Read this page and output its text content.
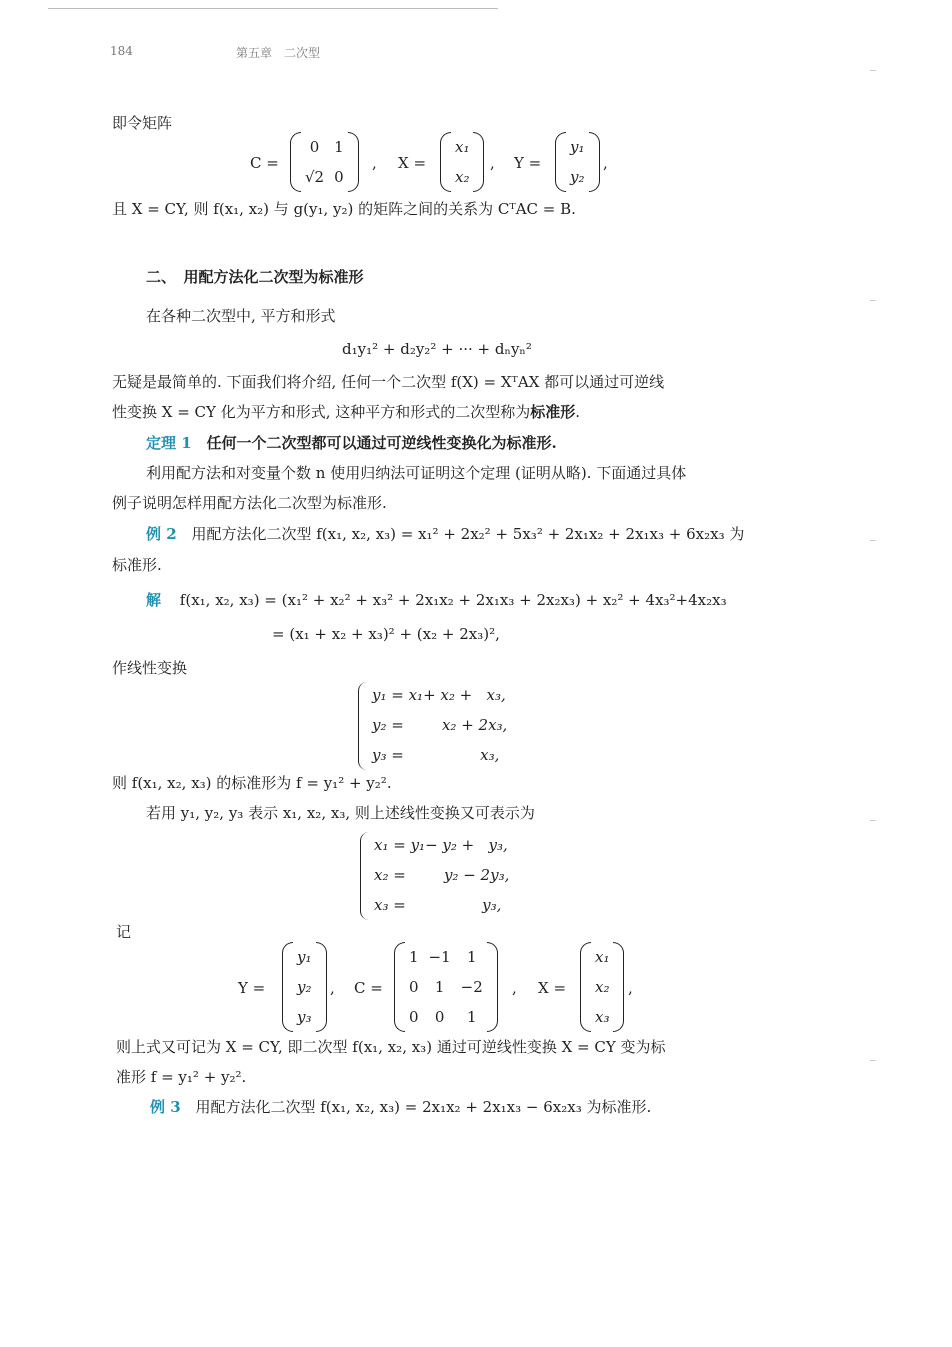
184	第五章　二次型
即令矩阵
C =
0	1
√2	0
, X =
x₁
x₂
, Y =
y₁
y₂
,
且 X = CY, 则 f(x₁, x₂) 与 g(y₁, y₂) 的矩阵之间的关系为 CᵀAC = B.
二、　用配方法化二次型为标准形
在各种二次型中, 平方和形式
d₁y₁² + d₂y₂² + ··· + dₙyₙ²
无疑是最简单的. 下面我们将介绍, 任何一个二次型 f(X) = XᵀAX 都可以通过可逆线
性变换 X = CY 化为平方和形式, 这种平方和形式的二次型称为标准形.
定理 1 任何一个二次型都可以通过可逆线性变换化为标准形.
利用配方法和对变量个数 n 使用归纳法可证明这个定理 (证明从略). 下面通过具体
例子说明怎样用配方法化二次型为标准形.
例 2 用配方法化二次型 f(x₁, x₂, x₃) = x₁² + 2x₂² + 5x₃² + 2x₁x₂ + 2x₁x₃ + 6x₂x₃ 为
标准形.
解 f(x₁, x₂, x₃) = (x₁² + x₂² + x₃² + 2x₁x₂ + 2x₁x₃ + 2x₂x₃) + x₂² + 4x₃²+4x₂x₃
= (x₁ + x₂ + x₃)² + (x₂ + 2x₃)²,
作线性变换
y₁ = x₁+ x₂ +   x₃,
y₂ =        x₂ + 2x₃,
y₃ =                x₃,
则 f(x₁, x₂, x₃) 的标准形为 f = y₁² + y₂².
若用 y₁, y₂, y₃ 表示 x₁, x₂, x₃, 则上述线性变换又可表示为
x₁ = y₁− y₂ +   y₃,
x₂ =        y₂ − 2y₃,
x₃ =                y₃,
记
Y =
y₁
y₂
y₃
, C =
1	−1	1
0	1	−2
0	0	1
, X =
x₁
x₂
x₃
,
则上式又可记为 X = CY, 即二次型 f(x₁, x₂, x₃) 通过可逆线性变换 X = CY 变为标
准形 f = y₁² + y₂².
例 3 用配方法化二次型 f(x₁, x₂, x₃) = 2x₁x₂ + 2x₁x₃ − 6x₂x₃ 为标准形.
